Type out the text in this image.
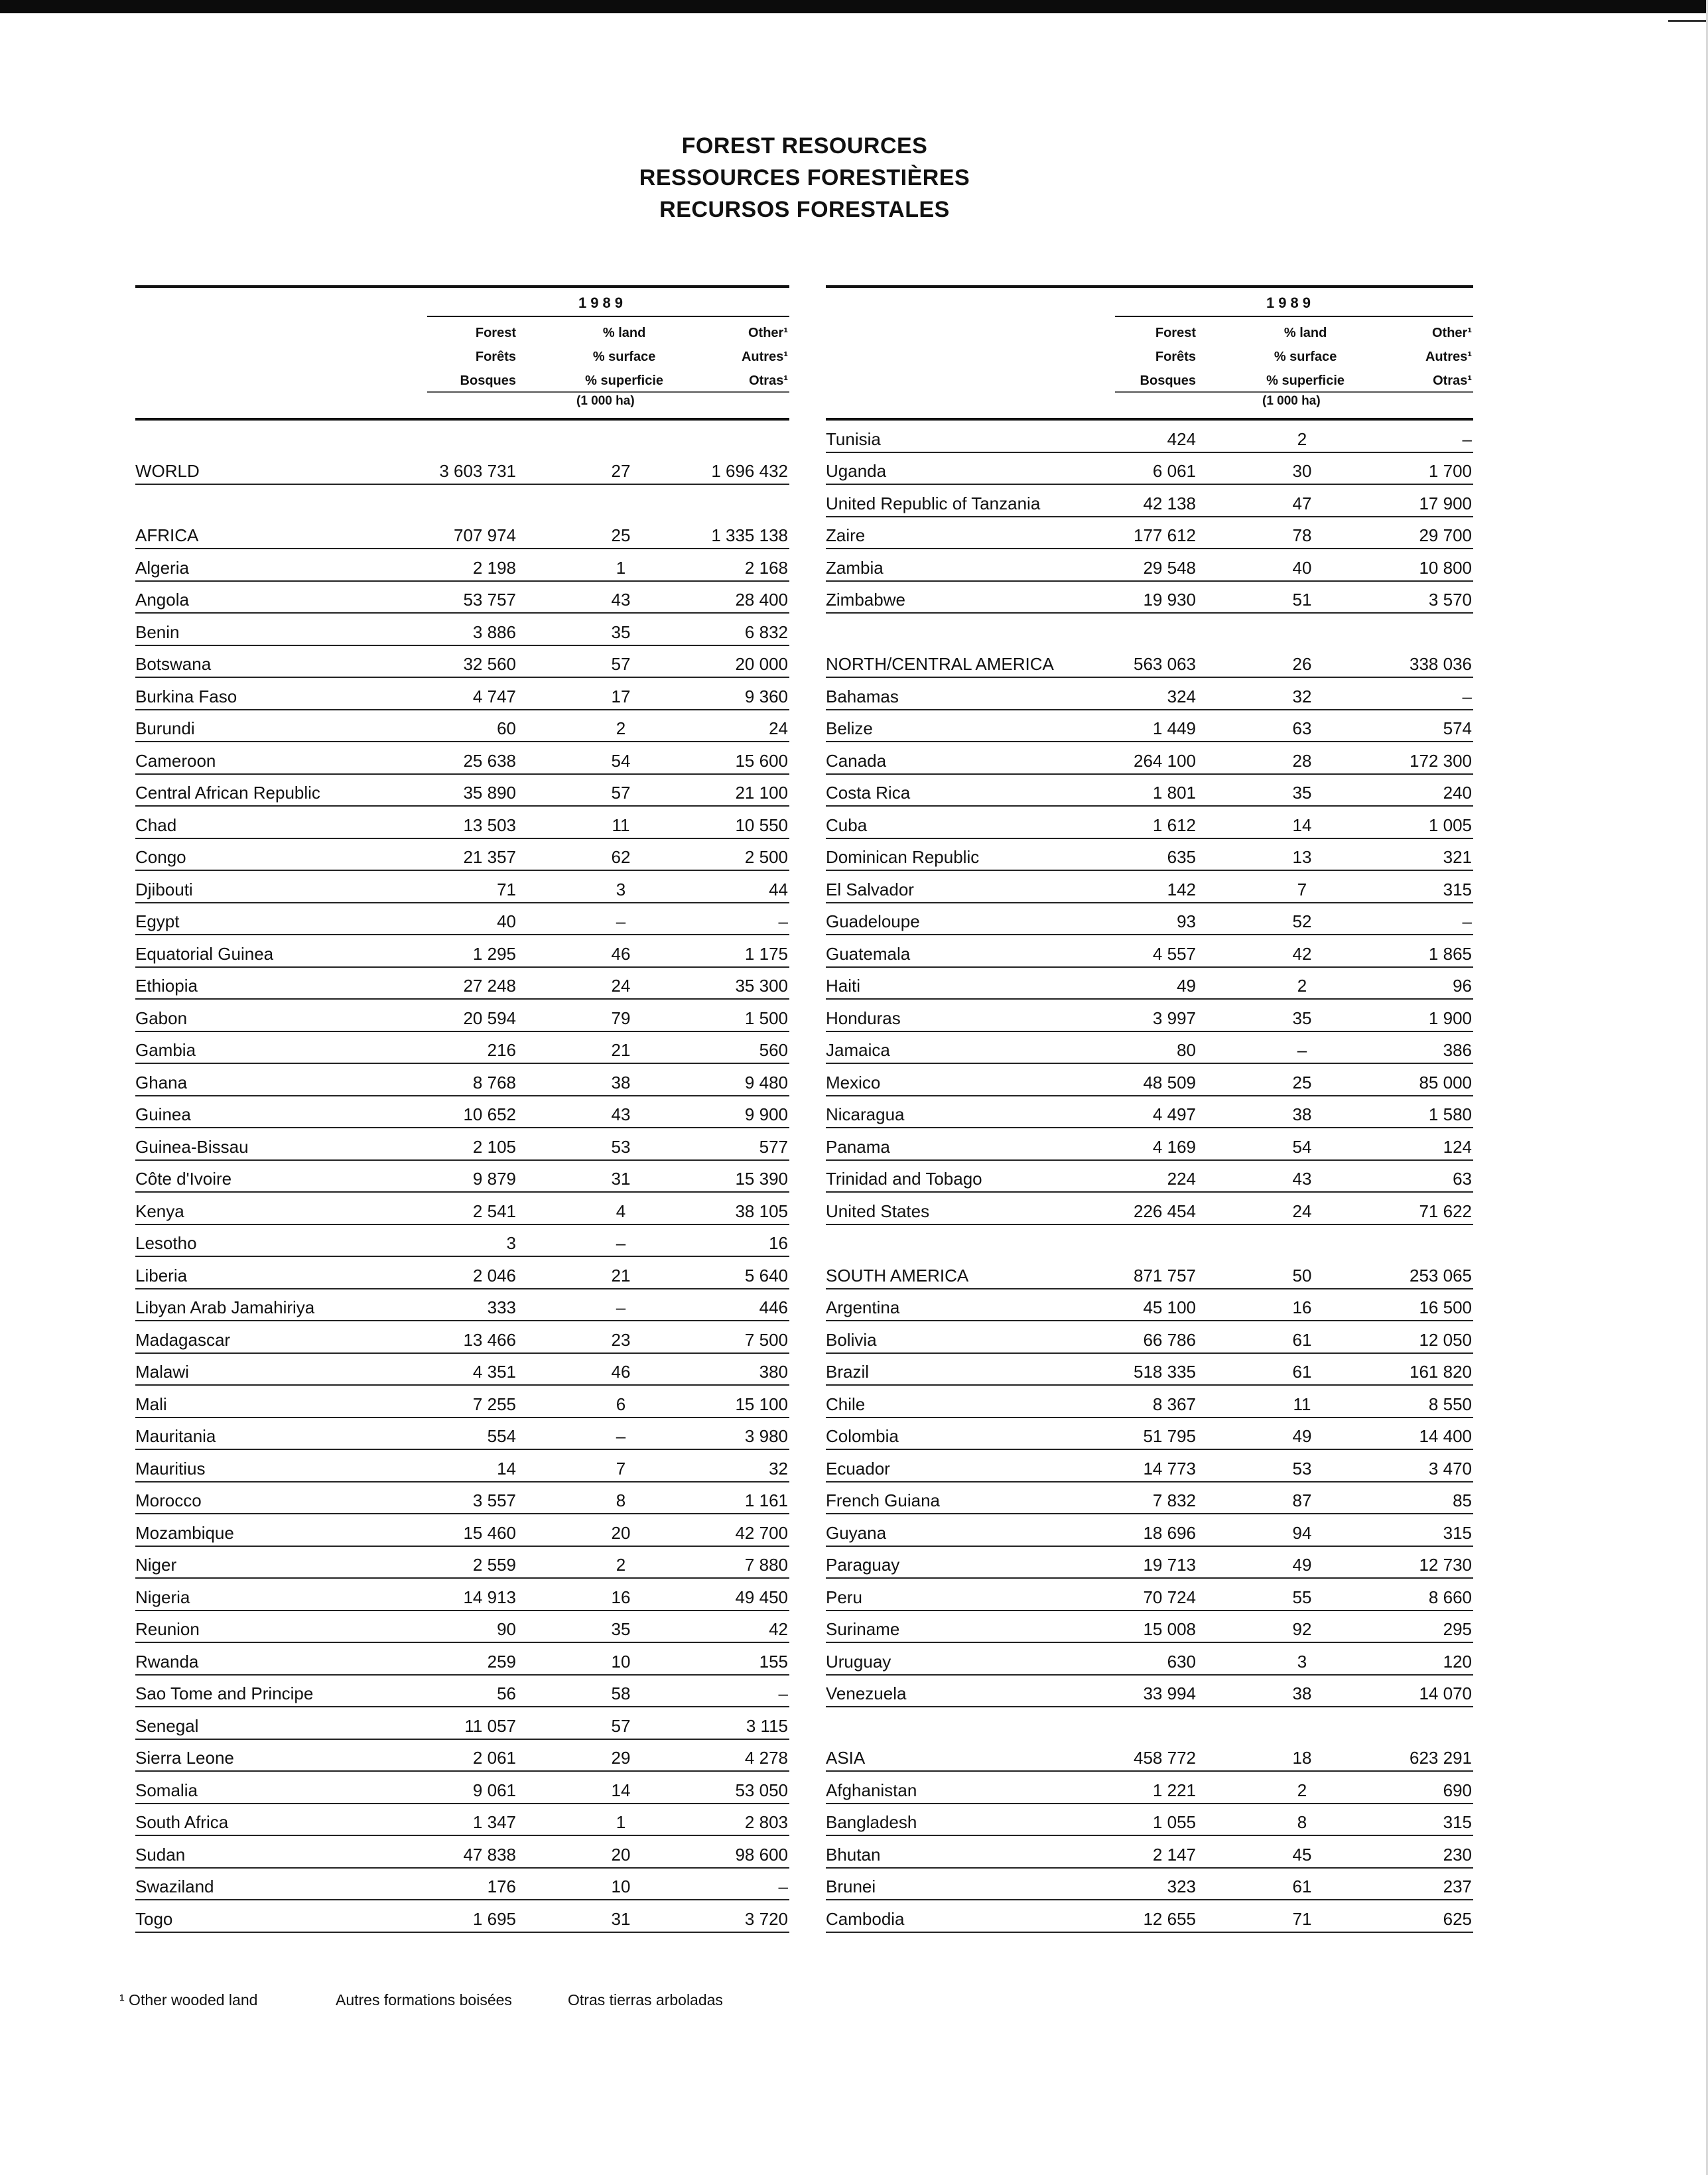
FOREST RESOURCES
RESSOURCES FORESTIÈRES
RECURSOS FORESTALES
1989
Forest
Forêts
Bosques
% land
% surface
% superficie
Other¹
Autres¹
Otras¹
(1 000 ha)
WORLD	3 603 731	27	1 696 432
AFRICA	707 974	25	1 335 138
Algeria	2 198	1	2 168
Angola	53 757	43	28 400
Benin	3 886	35	6 832
Botswana	32 560	57	20 000
Burkina Faso	4 747	17	9 360
Burundi	60	2	24
Cameroon	25 638	54	15 600
Central African Republic	35 890	57	21 100
Chad	13 503	11	10 550
Congo	21 357	62	2 500
Djibouti	71	3	44
Egypt	40	–	–
Equatorial Guinea	1 295	46	1 175
Ethiopia	27 248	24	35 300
Gabon	20 594	79	1 500
Gambia	216	21	560
Ghana	8 768	38	9 480
Guinea	10 652	43	9 900
Guinea-Bissau	2 105	53	577
Côte d'Ivoire	9 879	31	15 390
Kenya	2 541	4	38 105
Lesotho	3	–	16
Liberia	2 046	21	5 640
Libyan Arab Jamahiriya	333	–	446
Madagascar	13 466	23	7 500
Malawi	4 351	46	380
Mali	7 255	6	15 100
Mauritania	554	–	3 980
Mauritius	14	7	32
Morocco	3 557	8	1 161
Mozambique	15 460	20	42 700
Niger	2 559	2	7 880
Nigeria	14 913	16	49 450
Reunion	90	35	42
Rwanda	259	10	155
Sao Tome and Principe	56	58	–
Senegal	11 057	57	3 115
Sierra Leone	2 061	29	4 278
Somalia	9 061	14	53 050
South Africa	1 347	1	2 803
Sudan	47 838	20	98 600
Swaziland	176	10	–
Togo	1 695	31	3 720
1989
Forest
Forêts
Bosques
% land
% surface
% superficie
Other¹
Autres¹
Otras¹
(1 000 ha)
Tunisia	424	2	–
Uganda	6 061	30	1 700
United Republic of Tanzania	42 138	47	17 900
Zaire	177 612	78	29 700
Zambia	29 548	40	10 800
Zimbabwe	19 930	51	3 570
NORTH/CENTRAL AMERICA	563 063	26	338 036
Bahamas	324	32	–
Belize	1 449	63	574
Canada	264 100	28	172 300
Costa Rica	1 801	35	240
Cuba	1 612	14	1 005
Dominican Republic	635	13	321
El Salvador	142	7	315
Guadeloupe	93	52	–
Guatemala	4 557	42	1 865
Haiti	49	2	96
Honduras	3 997	35	1 900
Jamaica	80	–	386
Mexico	48 509	25	85 000
Nicaragua	4 497	38	1 580
Panama	4 169	54	124
Trinidad and Tobago	224	43	63
United States	226 454	24	71 622
SOUTH AMERICA	871 757	50	253 065
Argentina	45 100	16	16 500
Bolivia	66 786	61	12 050
Brazil	518 335	61	161 820
Chile	8 367	11	8 550
Colombia	51 795	49	14 400
Ecuador	14 773	53	3 470
French Guiana	7 832	87	85
Guyana	18 696	94	315
Paraguay	19 713	49	12 730
Peru	70 724	55	8 660
Suriname	15 008	92	295
Uruguay	630	3	120
Venezuela	33 994	38	14 070
ASIA	458 772	18	623 291
Afghanistan	1 221	2	690
Bangladesh	1 055	8	315
Bhutan	2 147	45	230
Brunei	323	61	237
Cambodia	12 655	71	625
¹ Other wooded land	Autres formations boisées	Otras tierras arboladas
